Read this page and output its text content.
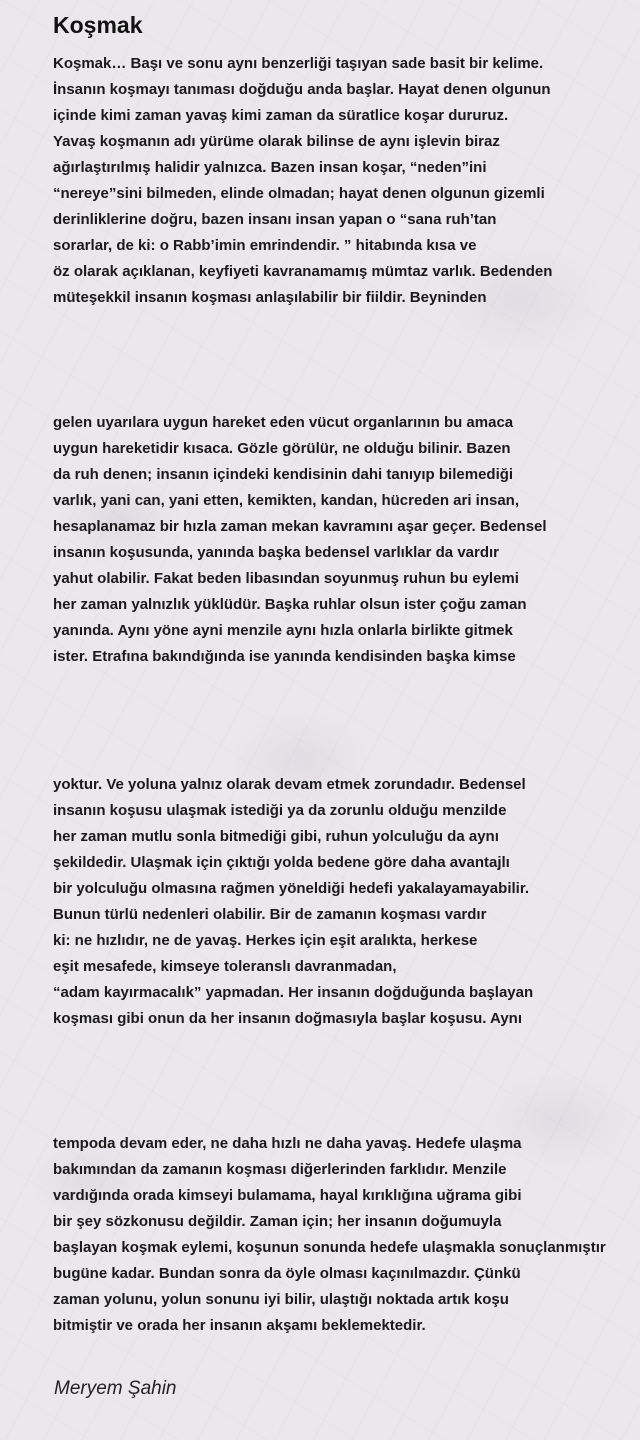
Koşmak
Koşmak… Başı ve sonu aynı benzerliği taşıyan sade basit bir kelime.
İnsanın koşmayı tanıması doğduğu anda başlar. Hayat denen olgunun
içinde kimi zaman yavaş kimi zaman da süratlice koşar dururuz.
Yavaş koşmanın adı yürüme olarak bilinse de aynı işlevin biraz
ağırlaştırılmış halidir yalnızca. Bazen insan koşar, “neden”ini
“nereye”sini bilmeden, elinde olmadan; hayat denen olgunun gizemli
derinliklerine doğru, bazen insanı insan yapan o “sana ruh’tan
sorarlar, de ki: o Rabb’imin emrindendir. ” hitabında kısa ve
öz olarak açıklanan, keyfiyeti kavranamamış mümtaz varlık. Bedenden
müteşekkil insanın koşması anlaşılabilir bir fiildir. Beyninden
gelen uyarılara uygun hareket eden vücut organlarının bu amaca
uygun hareketidir kısaca. Gözle görülür, ne olduğu bilinir. Bazen
da ruh denen; insanın içindeki kendisinin dahi tanıyıp bilemediği
varlık, yani can, yani etten, kemikten, kandan, hücreden ari insan,
hesaplanamaz bir hızla zaman mekan kavramını aşar geçer. Bedensel
insanın koşusunda, yanında başka bedensel varlıklar da vardır
yahut olabilir. Fakat beden libasından soyunmuş ruhun bu eylemi
her zaman yalnızlık yüklüdür. Başka ruhlar olsun ister çoğu zaman
yanında. Aynı yöne ayni menzile aynı hızla onlarla birlikte gitmek
ister. Etrafına bakındığında ise yanında kendisinden başka kimse
yoktur. Ve yoluna yalnız olarak devam etmek zorundadır. Bedensel
insanın koşusu ulaşmak istediği ya da zorunlu olduğu menzilde
her zaman mutlu sonla bitmediği gibi, ruhun yolculuğu da aynı
şekildedir. Ulaşmak için çıktığı yolda bedene göre daha avantajlı
bir yolculuğu olmasına rağmen yöneldiği hedefi yakalayamayabilir.
Bunun türlü nedenleri olabilir. Bir de zamanın koşması vardır
ki: ne hızlıdır, ne de yavaş. Herkes için eşit aralıkta, herkese
eşit mesafede, kimseye toleranslı davranmadan,
“adam kayırmacalık” yapmadan. Her insanın doğduğunda başlayan
koşması gibi onun da her insanın doğmasıyla başlar koşusu. Aynı
tempoda devam eder, ne daha hızlı ne daha yavaş. Hedefe ulaşma
bakımından da zamanın koşması diğerlerinden farklıdır. Menzile
vardığında orada kimseyi bulamama, hayal kırıklığına uğrama gibi
bir şey sözkonusu değildir. Zaman için; her insanın doğumuyla
başlayan koşmak eylemi, koşunun sonunda hedefe ulaşmakla sonuçlanmıştır
bugüne kadar. Bundan sonra da öyle olması kaçınılmazdır. Çünkü
zaman yolunu, yolun sonunu iyi bilir, ulaştığı noktada artık koşu
bitmiştir ve orada her insanın akşamı beklemektedir.

Meryem Şahin
